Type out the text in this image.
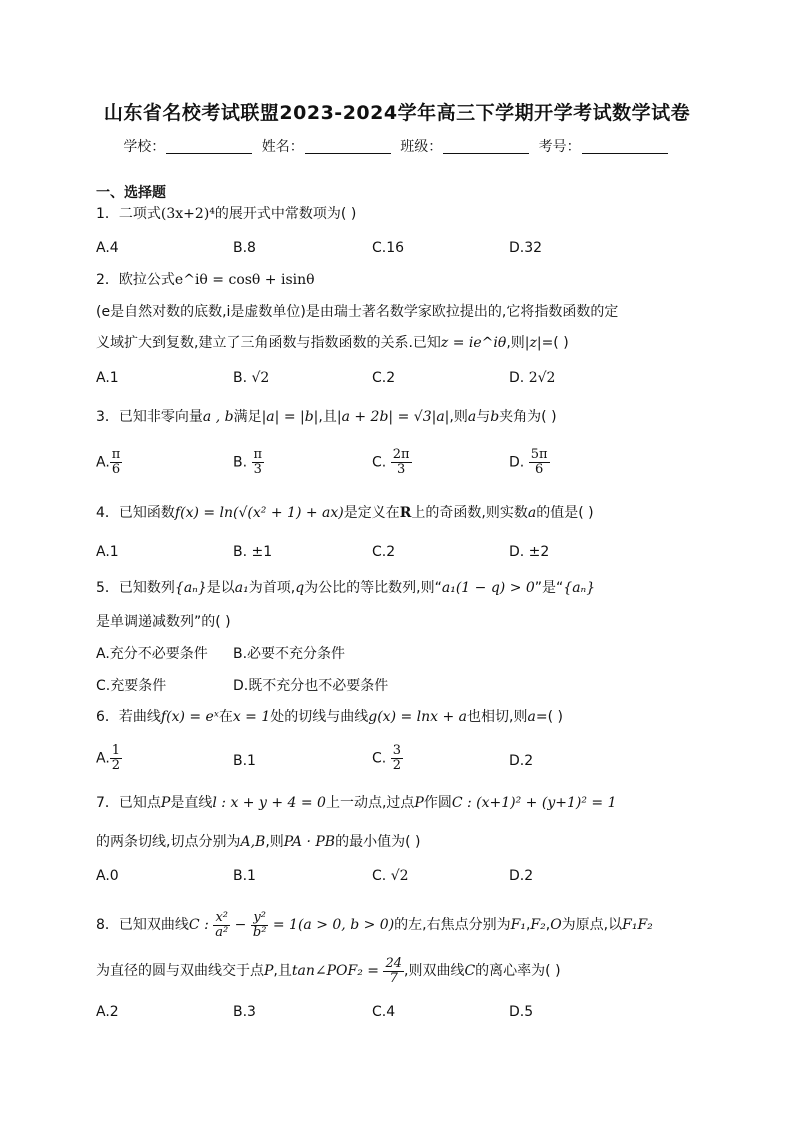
山东省名校考试联盟2023-2024学年高三下学期开学考试数学试卷
学校：	姓名：	班级：	考号：
一、选择题
1．二项式(3x+2)⁴的展开式中常数项为( )
A.4	B.8	C.16	D.32
2．欧拉公式e^iθ = cosθ + isinθ
(e是自然对数的底数,i是虚数单位)是由瑞士著名数学家欧拉提出的,它将指数函数的定
义域扩大到复数,建立了三角函数与指数函数的关系.已知z = ie^iθ,则|z|=( )
A.1	B. √2	C.2	D. 2√2
3．已知非零向量a , b满足|a| = |b|,且|a + 2b| = √3|a|,则a与b夹角为( )
A. $\frac{\pi}{6}$	B. $\frac{\pi}{3}$	C. $\frac{2\pi}{3}$	D. $\frac{5\pi}{6}$
4．已知函数f(x) = ln(√(x² + 1) + ax)是定义在R上的奇函数,则实数a的值是( )
A.1	B. ±1	C.2	D. ±2
5．已知数列{aₙ}是以a₁为首项,q为公比的等比数列,则“a₁(1 − q) > 0”是“{aₙ}
是单调递减数列”的( )
A.充分不必要条件 B.必要不充分条件
C.充要条件	D.既不充分也不必要条件
6．若曲线f(x) = eˣ在x = 1处的切线与曲线g(x) = lnx + a也相切,则a=( )
A. $\frac{1}{2}$	B.1	C. $\frac{3}{2}$	D.2
7．已知点P是直线l : x + y + 4 = 0上一动点,过点P作圆C : (x+1)² + (y+1)² = 1
的两条切线,切点分别为A,B,则PA · PB的最小值为( )
A.0	B.1	C. √2	D.2
8．已知双曲线C : $\frac{\text{x²}}{\text{a²}} - \frac{\text{y²}}{\text{b²}} = 1(a > 0$, b > 0)的左,右焦点分别为F₁,F₂,O为原点,以F₁F₂
为直径的圆与双曲线交于点P,且tan∠POF₂ = $\frac{24}{7}$ ,则双曲线C的离心率为( )
A.2	B.3	C.4	D.5
